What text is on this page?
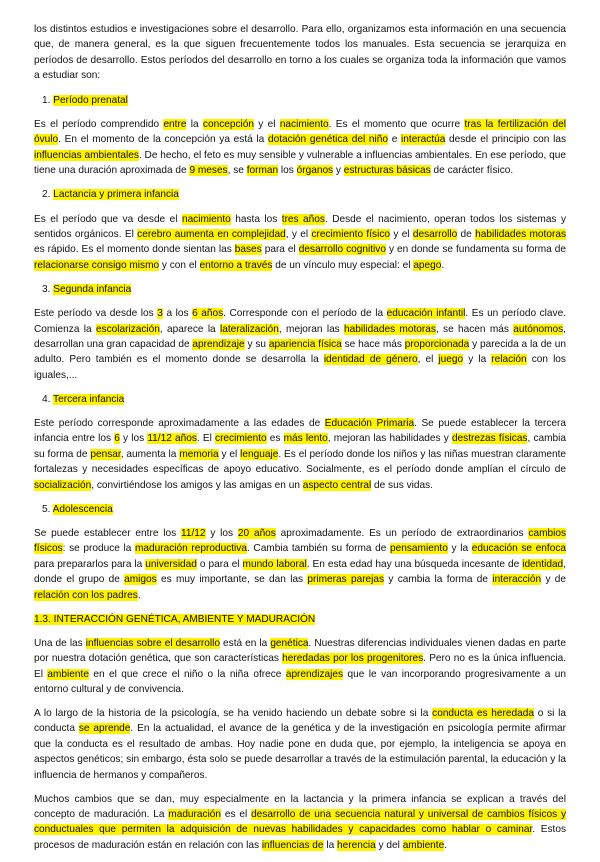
los distintos estudios e investigaciones sobre el desarrollo. Para ello, organizamos esta información en una secuencia que, de manera general, es la que siguen frecuentemente todos los manuales. Esta secuencia se jerarquiza en períodos de desarrollo. Estos períodos del desarrollo en torno a los cuales se organiza toda la información que vamos a estudiar son:

1. Período prenatal

Es el período comprendido entre la concepción y el nacimiento. Es el momento que ocurre tras la fertilización del óvulo. En el momento de la concepción ya está la dotación genética del niño e interactúa desde el principio con las influencias ambientales. De hecho, el feto es muy sensible y vulnerable a influencias ambientales. En ese período, que tiene una duración aproximada de 9 meses, se forman los órganos y estructuras básicas de carácter físico.

2. Lactancia y primera infancia

Es el período que va desde el nacimiento hasta los tres años. Desde el nacimiento, operan todos los sistemas y sentidos orgánicos. El cerebro aumenta en complejidad, y el crecimiento físico y el desarrollo de habilidades motoras es rápido. Es el momento donde sientan las bases para el desarrollo cognitivo y en donde se fundamenta su forma de relacionarse consigo mismo y con el entorno a través de un vínculo muy especial: el apego.

3. Segunda infancia

Este período va desde los 3 a los 6 años. Corresponde con el período de la educación infantil. Es un período clave. Comienza la escolarización, aparece la lateralización, mejoran las habilidades motoras, se hacen más autónomos, desarrollan una gran capacidad de aprendizaje y su apariencia física se hace más proporcionada y parecida a la de un adulto. Pero también es el momento donde se desarrolla la identidad de género, el juego y la relación con los iguales,...

4. Tercera infancia

Este período corresponde aproximadamente a las edades de Educación Primaria. Se puede establecer la tercera infancia entre los 6 y los 11/12 años. El crecimiento es más lento, mejoran las habilidades y destrezas físicas, cambia su forma de pensar, aumenta la memoria y el lenguaje. Es el período donde los niños y las niñas muestran claramente fortalezas y necesidades específicas de apoyo educativo. Socialmente, es el período donde amplían el círculo de socialización, convirtiéndose los amigos y las amigas en un aspecto central de sus vidas.

5. Adolescencia

Se puede establecer entre los 11/12 y los 20 años aproximadamente. Es un período de extraordinarios cambios físicos: se produce la maduración reproductiva. Cambia también su forma de pensamiento y la educación se enfoca para prepararlos para la universidad o para el mundo laboral. En esta edad hay una búsqueda incesante de identidad, donde el grupo de amigos es muy importante, se dan las primeras parejas y cambia la forma de interacción y de relación con los padres.

1.3. INTERACCIÓN GENÉTICA, AMBIENTE Y MADURACIÓN

Una de las influencias sobre el desarrollo está en la genética. Nuestras diferencias individuales vienen dadas en parte por nuestra dotación genética, que son características heredadas por los progenitores. Pero no es la única influencia. El ambiente en el que crece el niño o la niña ofrece aprendizajes que le van incorporando progresivamente a un entorno cultural y de convivencia.

A lo largo de la historia de la psicología, se ha venido haciendo un debate sobre si la conducta es heredada o si la conducta se aprende. En la actualidad, el avance de la genética y de la investigación en psicología permite afirmar que la conducta es el resultado de ambas. Hoy nadie pone en duda que, por ejemplo, la inteligencia se apoya en aspectos genéticos; sin embargo, ésta solo se puede desarrollar a través de la estimulación parental, la educación y la influencia de hermanos y compañeros.

Muchos cambios que se dan, muy especialmente en la lactancia y la primera infancia se explican a través del concepto de maduración. La maduración es el desarrollo de una secuencia natural y universal de cambios físicos y conductuales que permiten la adquisición de nuevas habilidades y capacidades como hablar o caminar. Estos procesos de maduración están en relación con las influencias de la herencia y del ambiente.
